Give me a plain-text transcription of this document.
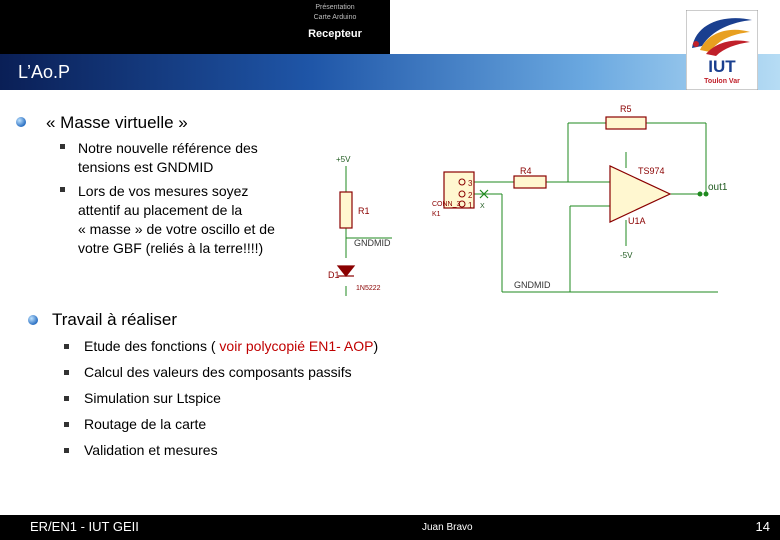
Présentation
Carte Arduino
Recepteur
L’Ao.P	IUT
Toulon Var
« Masse virtuelle »
Notre nouvelle référence des
tensions est GNDMID
Lors de vos mesures soyez
attentif au placement de la
« masse » de votre oscillo et de
votre GBF (reliés à la terre!!!!)
R5
R4
R1
D1
1N5222
TS974
U1A
CONN_3
K1
out1
+5V
-5V
GNDMID
GNDMID
3
2
1 X
Travail à réaliser
Etude des fonctions ( voir polycopié EN1- AOP)
Calcul des valeurs des composants passifs
Simulation sur Ltspice
Routage de la carte
Validation et mesures
ER/EN1 - IUT GEII	Juan Bravo	14
